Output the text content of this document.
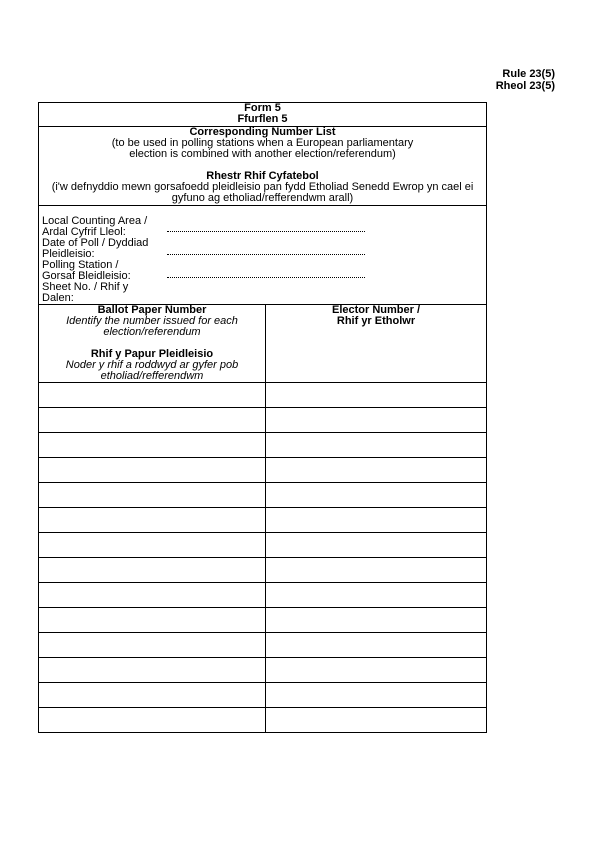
Rule 23(5)
Rheol 23(5)
Form 5
Ffurflen 5
Corresponding Number List
(to be used in polling stations when a European parliamentary
election is combined with another election/referendum)
Rhestr Rhif Cyfatebol
(i'w defnyddio mewn gorsafoedd pleidleisio pan fydd Etholiad Senedd Ewrop yn cael ei
gyfuno ag etholiad/refferendwm arall)
Local Counting Area /
Ardal Cyfrif Lleol:
Date of Poll / Dyddiad
Pleidleisio:
Polling Station /
Gorsaf Bleidleisio:
Sheet No. / Rhif y
Dalen:
Ballot Paper Number
Identify the number issued for each
election/referendum
Rhif y Papur Pleidleisio
Noder y rhif a roddwyd ar gyfer pob
etholiad/refferendwm
Elector Number /
Rhif yr Etholwr
